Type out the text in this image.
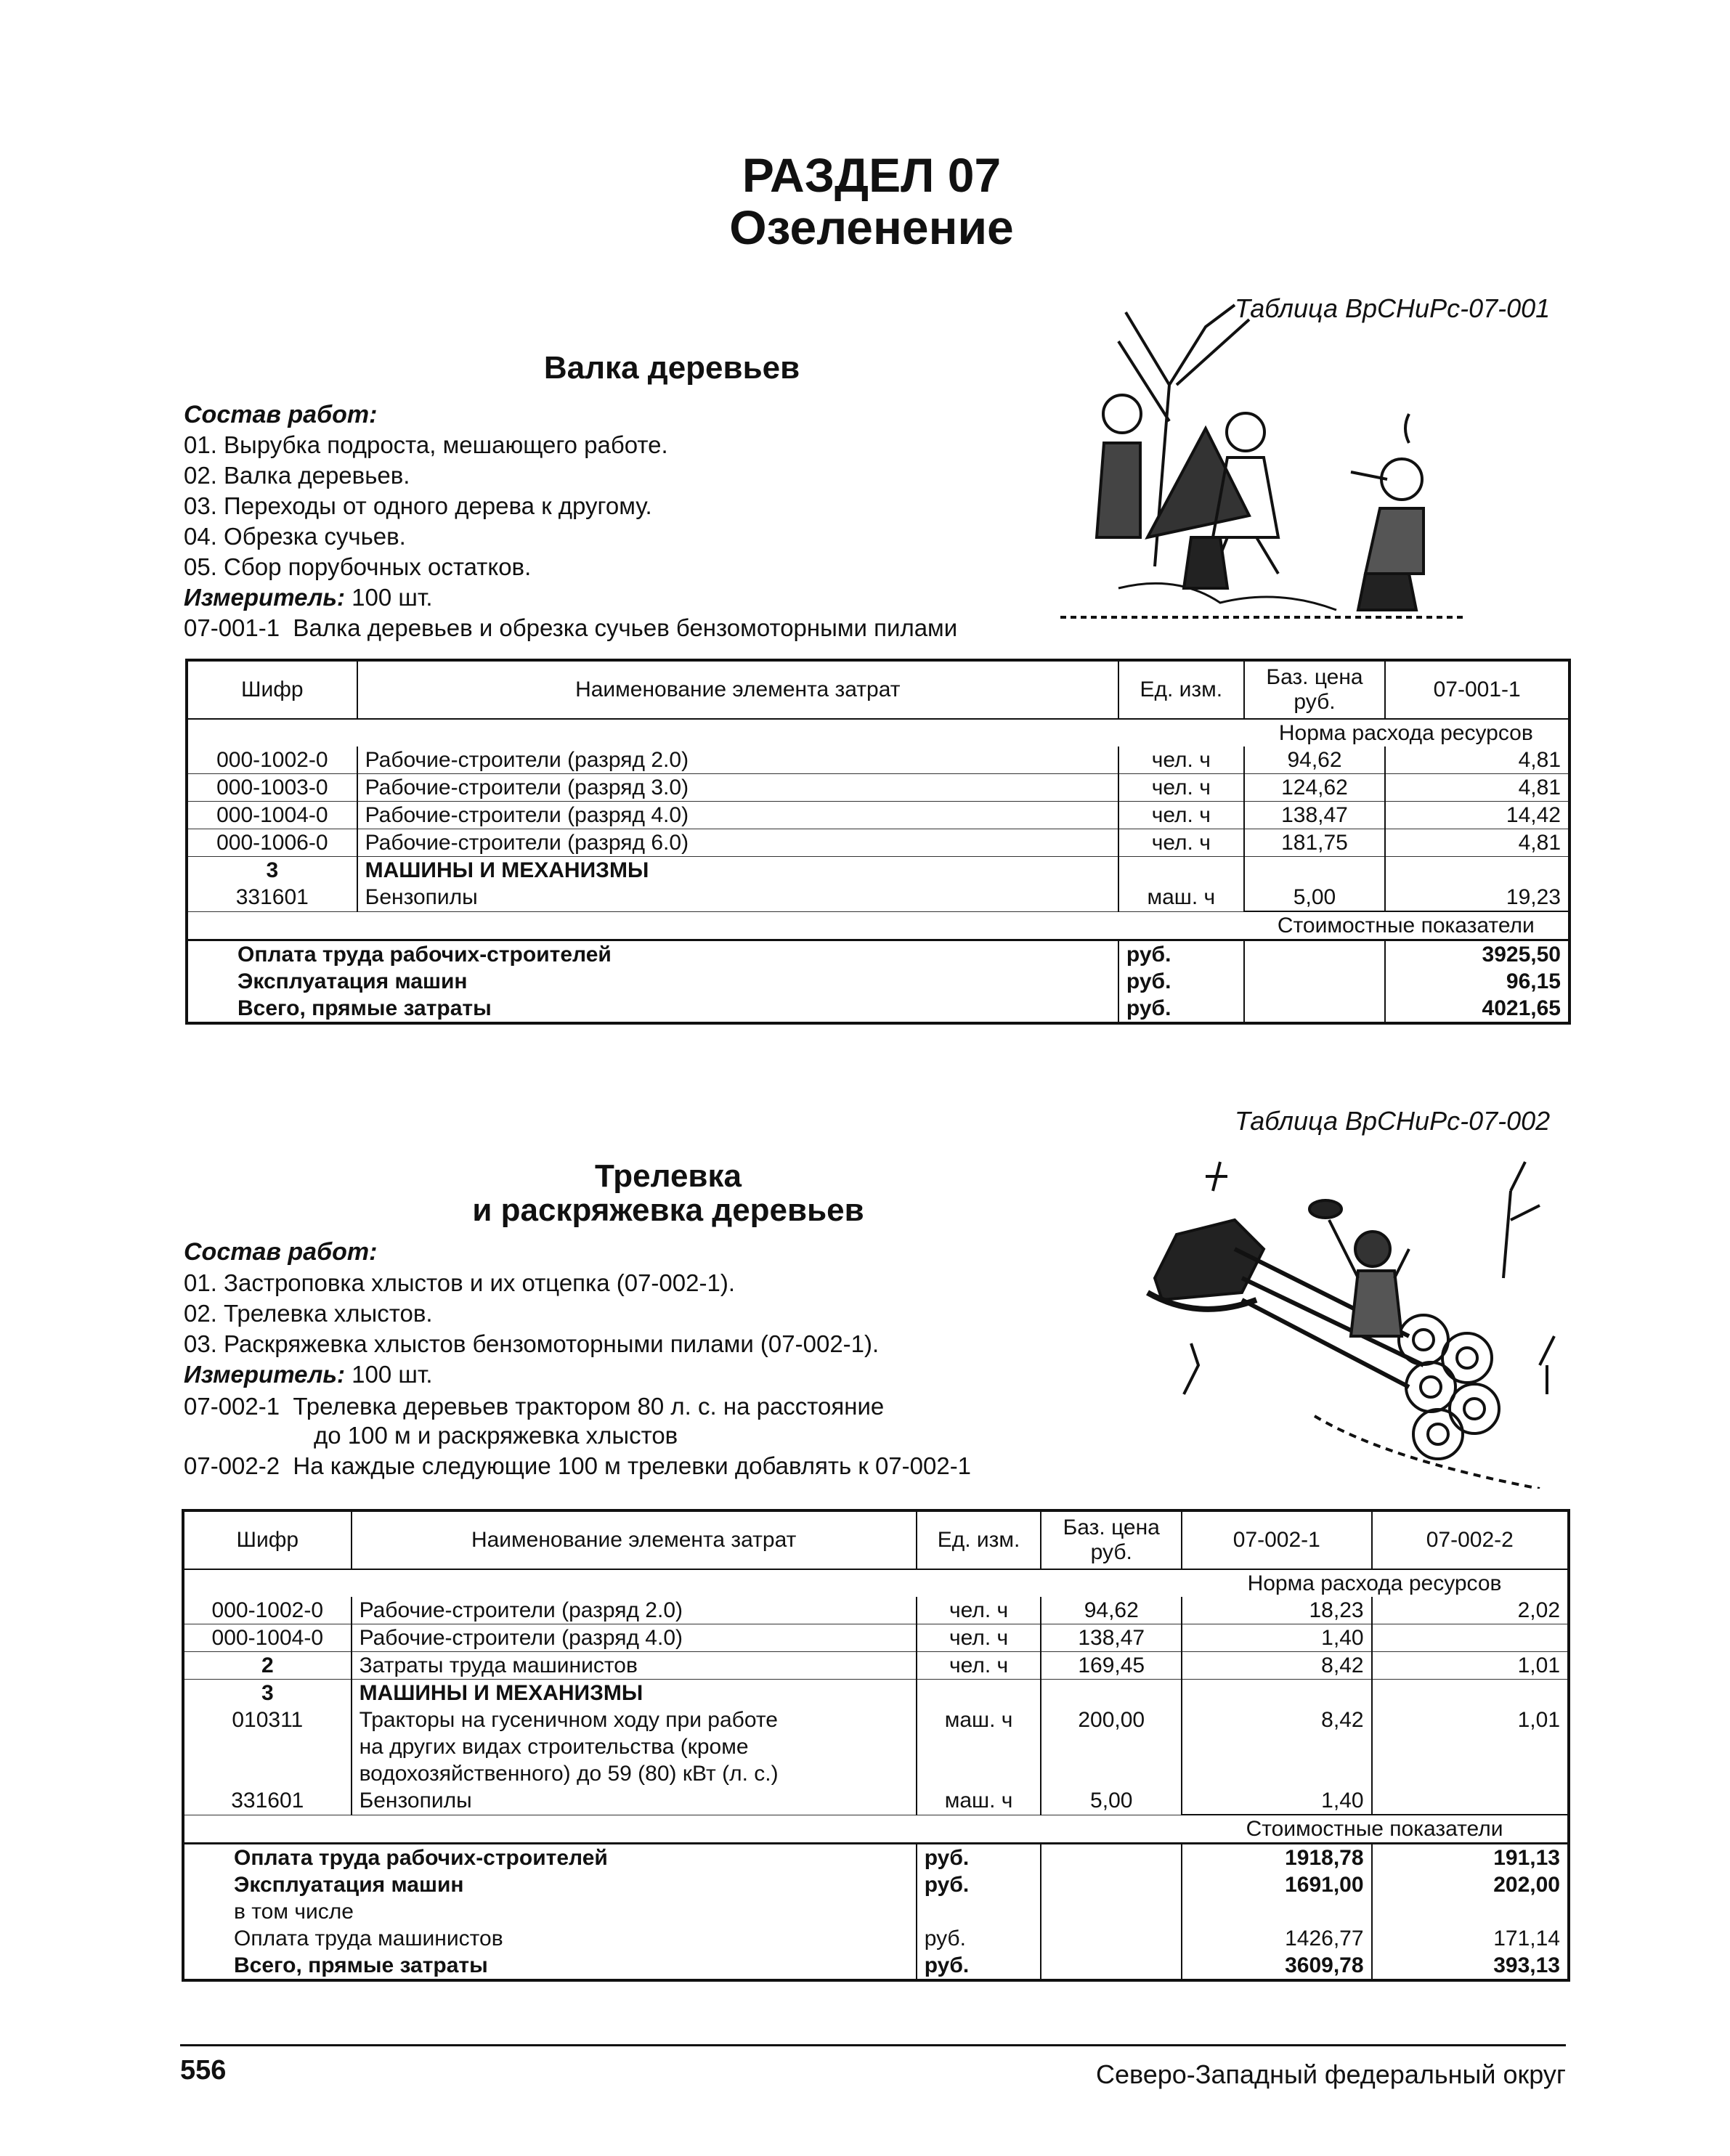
РАЗДЕЛ 07
Озеленение
Таблица ВрСНиРс-07-001
Валка деревьев
Состав работ:
01. Вырубка подроста, мешающего работе.
02. Валка деревьев.
03. Переходы от одного дерева к другому.
04. Обрезка сучьев.
05. Сбор порубочных остатков.
Измеритель: 100 шт.
07-001-1  Валка деревьев и обрезка сучьев бензомоторными пилами
Шифр	Наименование элемента затрат	Ед. изм.	Баз. цена руб.	07-001-1
			Норма расхода ресурсов	
000-1002-0	Рабочие-строители (разряд 2.0)	чел. ч	94,62	4,81
000-1003-0	Рабочие-строители (разряд 3.0)	чел. ч	124,62	4,81
000-1004-0	Рабочие-строители (разряд 4.0)	чел. ч	138,47	14,42
000-1006-0	Рабочие-строители (разряд 6.0)	чел. ч	181,75	4,81
3	МАШИНЫ И МЕХАНИЗМЫ			
331601	Бензопилы	маш. ч	5,00	19,23
			Стоимостные показатели	
Оплата труда рабочих-строителей		руб.		3925,50
Эксплуатация машин		руб.		96,15
Всего, прямые затраты		руб.		4021,65
Таблица ВрСНиРс-07-002
Трелевка
и раскряжевка деревьев
Состав работ:
01. Застроповка хлыстов и их отцепка (07-002-1).
02. Трелевка хлыстов.
03. Раскряжевка хлыстов бензомоторными пилами (07-002-1).
Измеритель: 100 шт.
07-002-1  Трелевка деревьев трактором 80 л. с. на расстояние
до 100 м и раскряжевка хлыстов
07-002-2  На каждые следующие 100 м трелевки добавлять к 07-002-1
Шифр	Наименование элемента затрат	Ед. изм.	Баз. цена руб.	07-002-1	07-002-2
				Норма расхода ресурсов	
000-1002-0	Рабочие-строители (разряд 2.0)	чел. ч	94,62	18,23	2,02
000-1004-0	Рабочие-строители (разряд 4.0)	чел. ч	138,47	1,40	
2	Затраты труда машинистов	чел. ч	169,45	8,42	1,01
3	МАШИНЫ И МЕХАНИЗМЫ				
010311	Тракторы на гусеничном ходу при работе
на других видах строительства (кроме
водохозяйственного) до 59 (80) кВт (л. с.)	маш. ч	200,00	8,42	1,01
331601	Бензопилы	маш. ч	5,00	1,40	
				Стоимостные показатели	
Оплата труда рабочих-строителей		руб.		1918,78	191,13
Эксплуатация машин		руб.		1691,00	202,00
в том числе					
Оплата труда машинистов		руб.		1426,77	171,14
Всего, прямые затраты		руб.		3609,78	393,13
556	Северо-Западный федеральный округ
